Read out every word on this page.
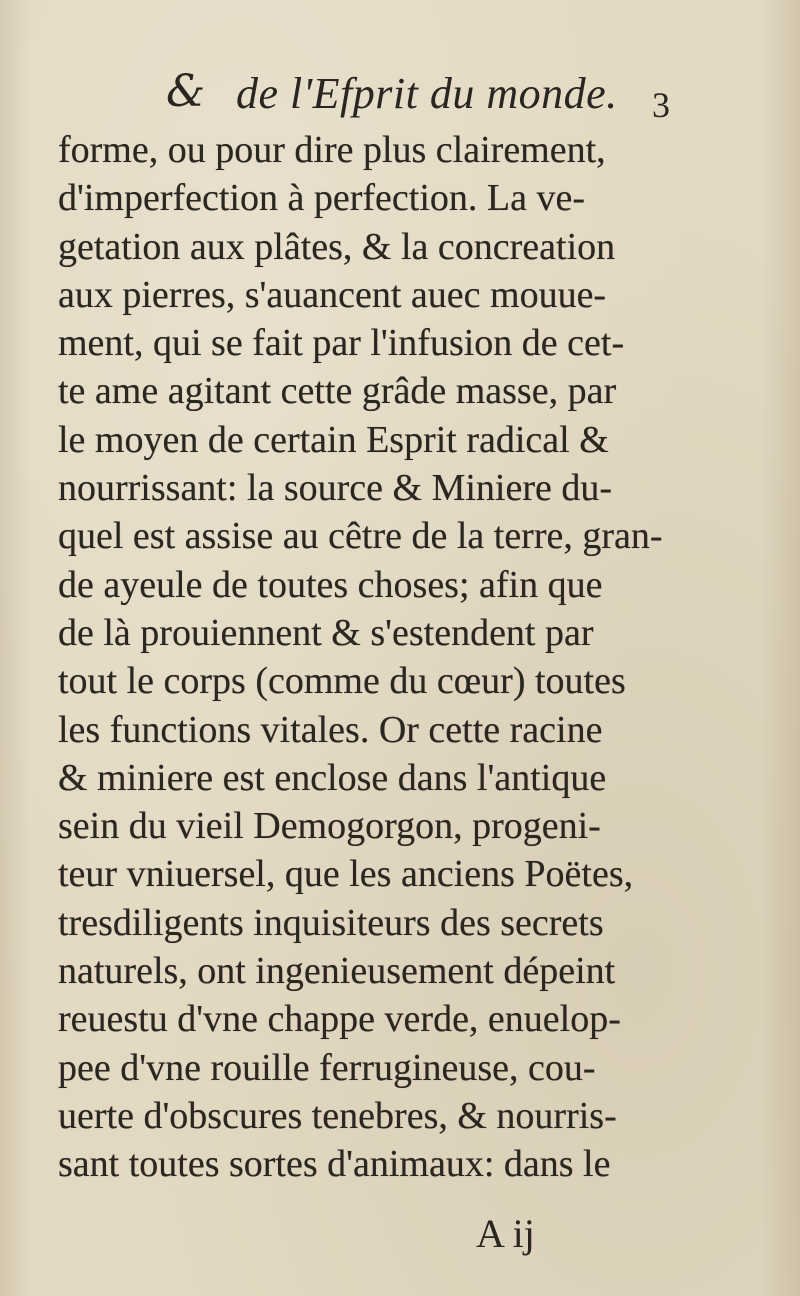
& de l'Efprit du monde. 3
forme, ou pour dire plus clairement,
d'imperfection à perfection. La ve-
getation aux plâtes, & la concreation
aux pierres, s'auancent auec mouue-
ment, qui se fait par l'infusion de cet-
te ame agitant cette grâde masse, par
le moyen de certain Esprit radical &
nourrissant: la source & Miniere du-
quel est assise au cêtre de la terre, gran-
de ayeule de toutes choses; afin que
de là prouiennent & s'estendent par
tout le corps (comme du cœur) toutes
les functions vitales. Or cette racine
& miniere est enclose dans l'antique
sein du vieil Demogorgon, progeni-
teur vniuersel, que les anciens Poëtes,
tresdiligents inquisiteurs des secrets
naturels, ont ingenieusement dépeint
reuestu d'vne chappe verde, enuelop-
pee d'vne rouille ferrugineuse, cou-
uerte d'obscures tenebres, & nourris-
sant toutes sortes d'animaux: dans le
A ij
